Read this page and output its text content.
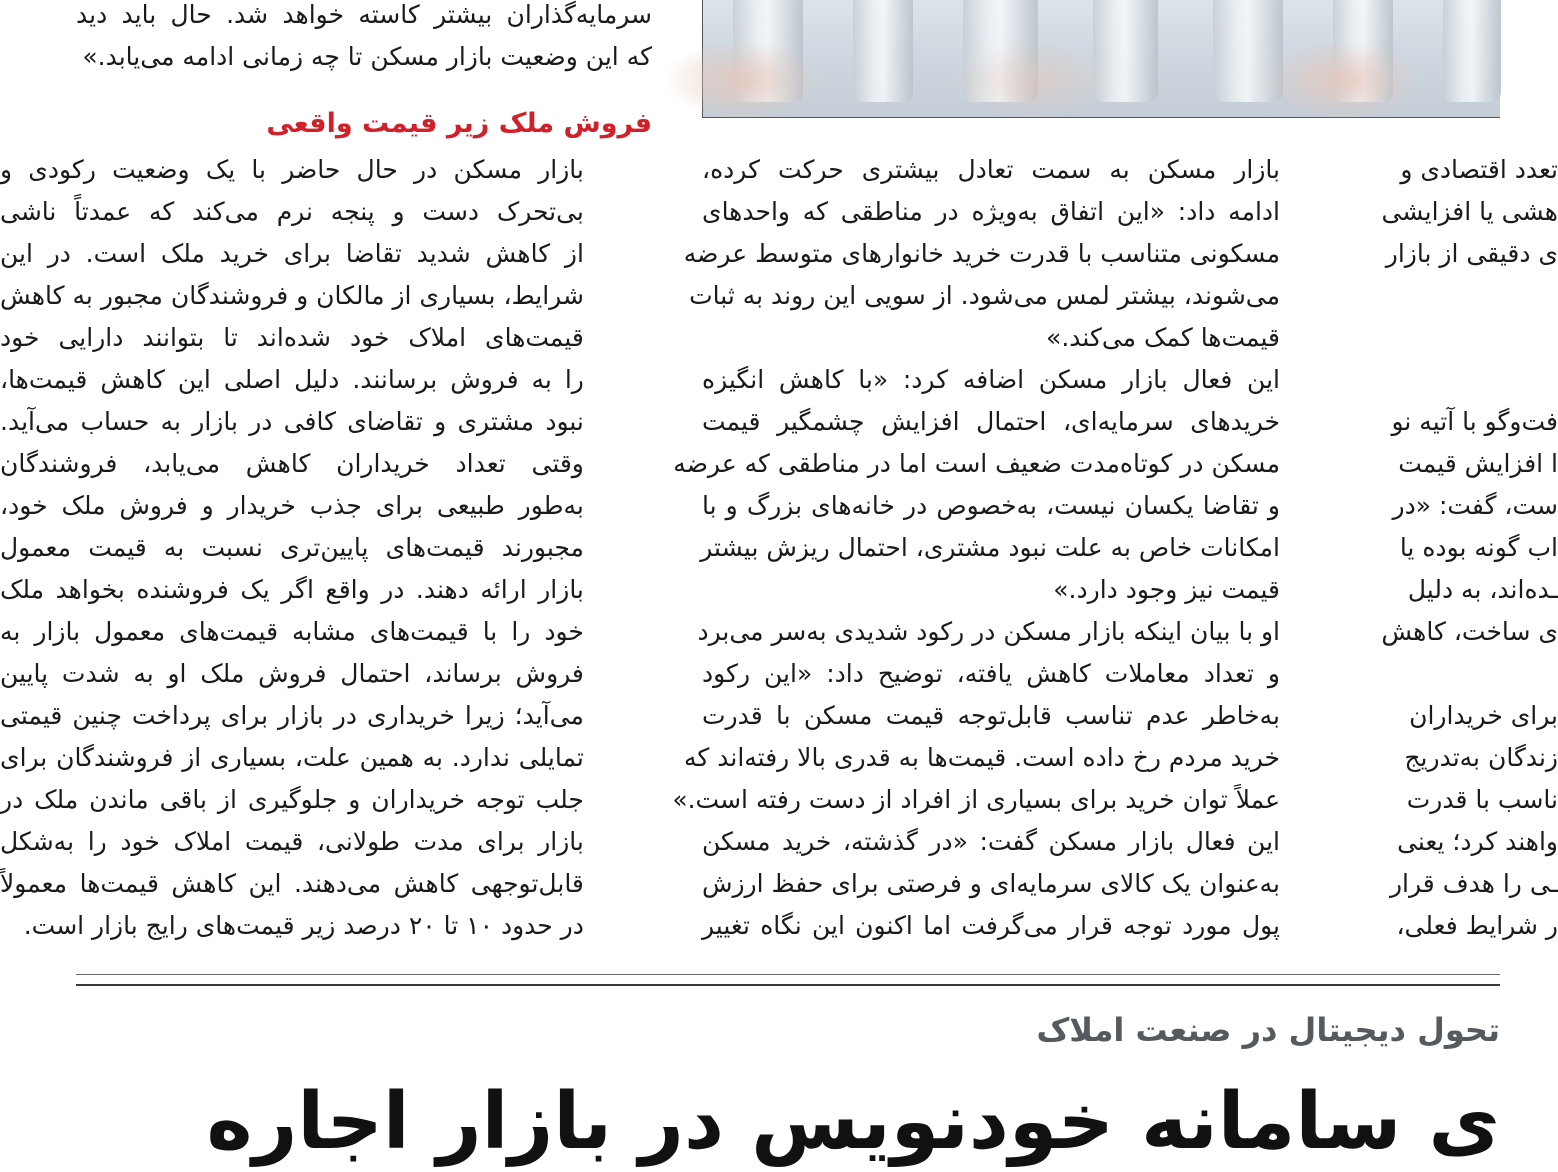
سرمایه‌گذاران بیشتر کاسته خواهد شد. حال باید دید
که این وضعیت بازار مسکن تا چه زمانی ادامه می‌یابد.»
فروش ملک زیر قیمت واقعی
بازار مسکن در حال حاضر با یک وضعیت رکودی و
بی‌تحرک دست و پنجه نرم می‌کند که عمدتاً ناشی
از کاهش شدید تقاضا برای خرید ملک است. در این
شرایط، بسیاری از مالکان و فروشندگان مجبور به کاهش
قیمت‌های املاک خود شده‌اند تا بتوانند دارایی خود
را به فروش برسانند. دلیل اصلی این کاهش قیمت‌ها،
نبود مشتری و تقاضای کافی در بازار به حساب می‌آید.
وقتی تعداد خریداران کاهش می‌یابد، فروشندگان
به‌طور طبیعی برای جذب خریدار و فروش ملک خود،
مجبورند قیمت‌های پایین‌تری نسبت به قیمت معمول
بازار ارائه دهند. در واقع اگر یک فروشنده بخواهد ملک
خود را با قیمت‌های مشابه قیمت‌های معمول بازار به
فروش برساند، احتمال فروش ملک او به شدت پایین
می‌آید؛ زیرا خریداری در بازار برای پرداخت چنین قیمتی
تمایلی ندارد. به همین علت، بسیاری از فروشندگان برای
جلب توجه خریداران و جلوگیری از باقی ماندن ملک در
بازار برای مدت طولانی، قیمت املاک خود را به‌شکل
قابل‌توجهی کاهش می‌دهند. این کاهش قیمت‌ها معمولاً
در حدود ۱۰ تا ۲۰ درصد زیر قیمت‌های رایج بازار است.
بازار مسکن به سمت تعادل بیشتری حرکت کرده،
ادامه داد: «این اتفاق به‌ویژه در مناطقی که واحدهای
مسکونی متناسب با قدرت خرید خانوارهای متوسط عرضه
می‌شوند، بیشتر لمس می‌شود. از سویی این روند به ثبات
قیمت‌ها کمک می‌کند.»
این فعال بازار مسکن اضافه کرد: «با کاهش انگیزه
خریدهای سرمایه‌ای، احتمال افزایش چشمگیر قیمت
مسکن در کوتاه‌مدت ضعیف است اما در مناطقی که عرضه
و تقاضا یکسان نیست، به‌خصوص در خانه‌های بزرگ و با
امکانات خاص به علت نبود مشتری، احتمال ریزش بیشتر
قیمت نیز وجود دارد.»
او با بیان اینکه بازار مسکن در رکود شدیدی به‌سر می‌برد
و تعداد معاملات کاهش یافته، توضیح داد: «این رکود
به‌خاطر عدم تناسب قابل‌توجه قیمت مسکن با قدرت
خرید مردم رخ داده است. قیمت‌ها به قدری بالا رفته‌اند که
عملاً توان خرید برای بسیاری از افراد از دست رفته است.»
این فعال بازار مسکن گفت: «در گذشته، خرید مسکن
به‌عنوان یک کالای سرمایه‌ای و فرصتی برای حفظ ارزش
پول مورد توجه قرار می‌گرفت اما اکنون این نگاه تغییر
تعدد اقتصادی و
هشی یا افزایشی
ی دقیقی از بازار
فت‌وگو با آتیه نو
ا افزایش قیمت
ست، گفت: «در
اب گونه بوده یا
ـده‌اند، به دلیل
ی ساخت، کاهش
برای خریداران
زندگان به‌تدریج
ناسب با قدرت
واهند کرد؛ یعنی
ـی را هدف قرار
ر شرایط فعلی،
تحول دیجیتال در صنعت املاک
ی سامانه خودنویس در بازار اجاره
